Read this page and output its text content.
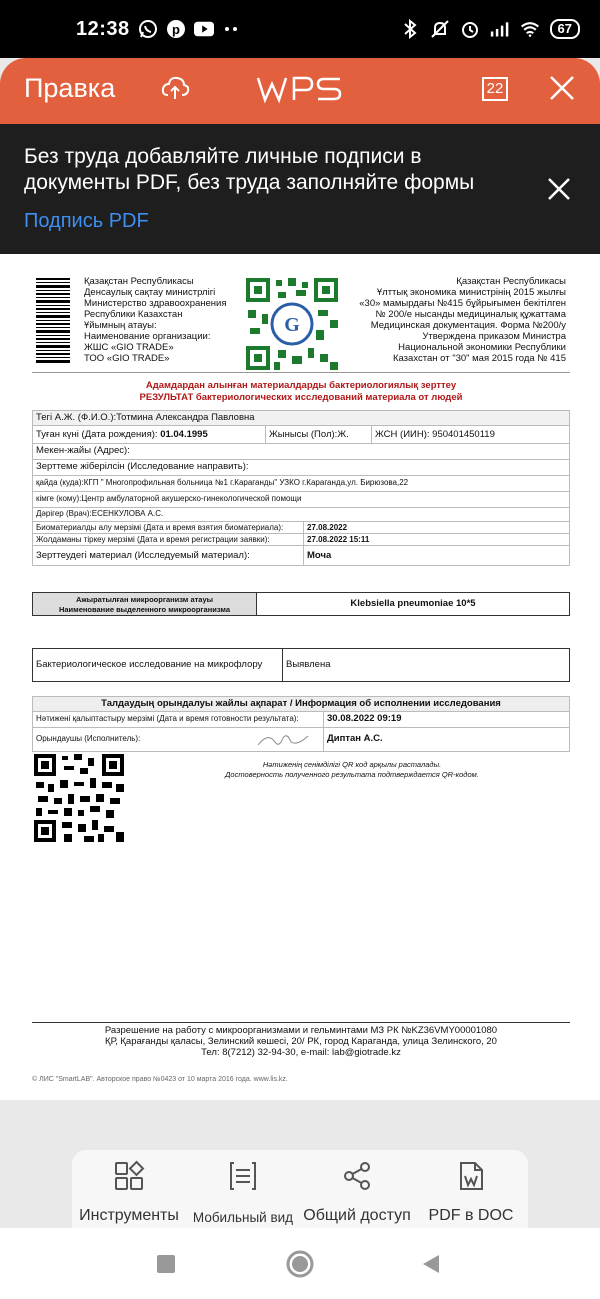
12:38	p	67
Правка	22
Без труда добавляйте личные подписи в документы PDF, без труда заполняйте формы
Подпись PDF
Қазақстан Республикасы
Денсаулық сақтау министрлігі
Министерство здравоохранения
Республики Казахстан
Ұйымның атауы:
Наименование организации:
ЖШС «GIO TRADE»
ТОО «GIO TRADE»
G
Қазақстан Республикасы
Ұлттық экономика министрінің 2015 жылғы
«30» мамырдағы №415 бұйрығымен бекітілген
№ 200/е нысанды медициналық құжаттама
Медицинская документация. Форма №200/у
Утверждена приказом Министра
Национальной экономики Республики
Казахстан от "30" мая 2015 года № 415
Адамдардан алынған материалдарды бактериологиялық зерттеу
РЕЗУЛЬТАТ бактериологических исследований материала от людей
Тегі А.Ж. (Ф.И.О.):Тотмина Александра Павловна
Туған күні (Дата рождения): 01.04.1995	Жынысы (Пол):Ж.	ЖСН (ИИН): 950401450119
Мекен-жайы (Адрес):
Зерттеме жіберілсін (Исследование направить):
қайда (куда):КГП " Многопрофильная больница №1 г.Караганды" УЗКО г.Караганда,ул. Бирюзова,22
кімге (кому):Центр амбулаторной акушерско-гинекологической помощи
Дәрігер (Врач):ЕСЕНКУЛОВА А.С.
Биоматериалды алу мерзімі (Дата и время взятия биоматериала):	27.08.2022
Жолдаманы тіркеу мерзімі (Дата и время регистрации заявки):	27.08.2022 15:11
Зерттеудегі материал (Исследуемый материал):	Моча
Ажыратылған микроорганизм атауы
Наименование выделенного микроорганизма
Klebsiella pneumoniae 10*5
Бактериологическое исследование на микрофлору	Выявлена
Талдаудың орындалуы жайлы ақпарат / Информация об исполнении исследования
Нәтижені қалыптастыру мерзімі (Дата и время готовности результата):	30.08.2022 09:19
Орындаушы (Исполнитель):	Диптан А.С.
Нәтиженің сенімділігі QR код арқылы расталады.
Достоверность полученного результата подтверждается QR-кодом.
Разрешение на работу с микроорганизмами и гельминтами МЗ РК №KZ36VMY00001080
ҚР, Қарағанды қаласы, Зелинский көшесі, 20/ РК, город Караганда, улица Зелинского, 20
Тел: 8(7212) 32-94-30, e-mail: lab@giotrade.kz
© ЛИС "SmartLAB". Авторское право №0423 от 10 марта 2016 года. www.lis.kz.
Инструменты Мобильный вид Общий доступ PDF в DOC
